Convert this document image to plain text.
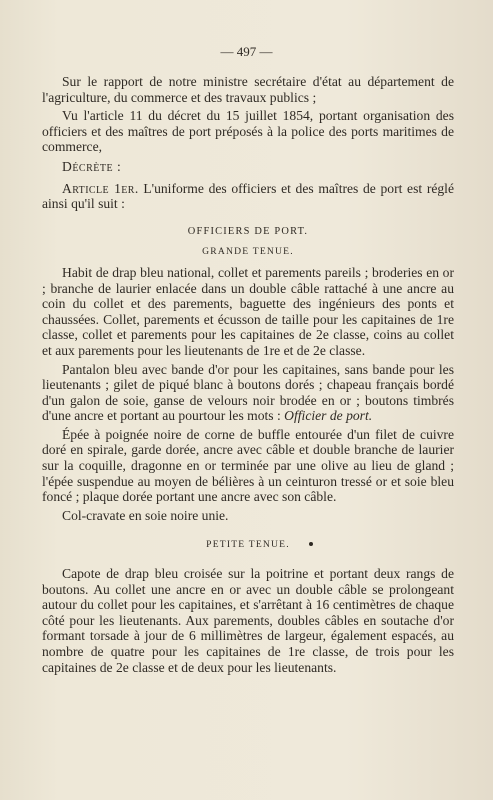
— 497 —

Sur le rapport de notre ministre secrétaire d'état au département de l'agriculture, du commerce et des travaux publics ;

Vu l'article 11 du décret du 15 juillet 1854, portant organisation des officiers et des maîtres de port préposés à la police des ports maritimes de commerce,

Décrète :

Article 1er. L'uniforme des officiers et des maîtres de port est réglé ainsi qu'il suit :

OFFICIERS DE PORT.

GRANDE TENUE.

Habit de drap bleu national, collet et parements pareils ; broderies en or ; branche de laurier enlacée dans un double câble rattaché à une ancre au coin du collet et des parements, baguette des ingénieurs des ponts et chaussées. Collet, parements et écusson de taille pour les capitaines de 1re classe, collet et parements pour les capitaines de 2e classe, coins au collet et aux parements pour les lieutenants de 1re et de 2e classe.

Pantalon bleu avec bande d'or pour les capitaines, sans bande pour les lieutenants ; gilet de piqué blanc à boutons dorés ; chapeau français bordé d'un galon de soie, ganse de velours noir brodée en or ; boutons timbrés d'une ancre et portant au pourtour les mots : Officier de port.

Épée à poignée noire de corne de buffle entourée d'un filet de cuivre doré en spirale, garde dorée, ancre avec câble et double branche de laurier sur la coquille, dragonne en or terminée par une olive au lieu de gland ; l'épée suspendue au moyen de bélières à un ceinturon tressé or et soie bleu foncé ; plaque dorée portant une ancre avec son câble.

Col-cravate en soie noire unie.

PETITE TENUE.

Capote de drap bleu croisée sur la poitrine et portant deux rangs de boutons. Au collet une ancre en or avec un double câble se prolongeant autour du collet pour les capitaines, et s'arrêtant à 16 centimètres de chaque côté pour les lieutenants. Aux parements, doubles câbles en soutache d'or formant torsade à jour de 6 millimètres de largeur, également espacés, au nombre de quatre pour les capitaines de 1re classe, de trois pour les capitaines de 2e classe et de deux pour les lieutenants.
